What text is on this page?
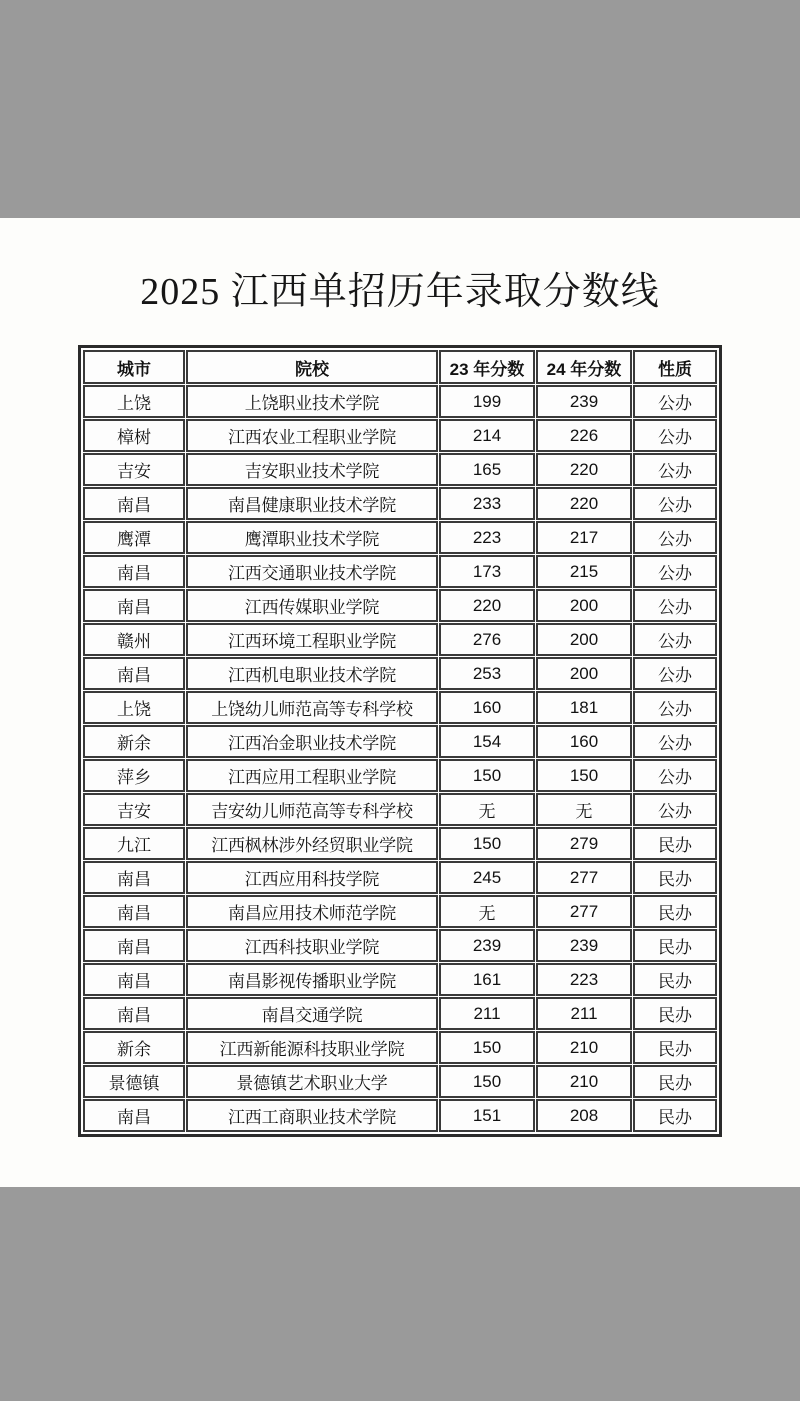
2025 江西单招历年录取分数线
城市	院校	23 年分数	24 年分数	性质
上饶	上饶职业技术学院	199	239	公办
樟树	江西农业工程职业学院	214	226	公办
吉安	吉安职业技术学院	165	220	公办
南昌	南昌健康职业技术学院	233	220	公办
鹰潭	鹰潭职业技术学院	223	217	公办
南昌	江西交通职业技术学院	173	215	公办
南昌	江西传媒职业学院	220	200	公办
赣州	江西环境工程职业学院	276	200	公办
南昌	江西机电职业技术学院	253	200	公办
上饶	上饶幼儿师范高等专科学校	160	181	公办
新余	江西冶金职业技术学院	154	160	公办
萍乡	江西应用工程职业学院	150	150	公办
吉安	吉安幼儿师范高等专科学校	无	无	公办
九江	江西枫林涉外经贸职业学院	150	279	民办
南昌	江西应用科技学院	245	277	民办
南昌	南昌应用技术师范学院	无	277	民办
南昌	江西科技职业学院	239	239	民办
南昌	南昌影视传播职业学院	161	223	民办
南昌	南昌交通学院	211	211	民办
新余	江西新能源科技职业学院	150	210	民办
景德镇	景德镇艺术职业大学	150	210	民办
南昌	江西工商职业技术学院	151	208	民办
